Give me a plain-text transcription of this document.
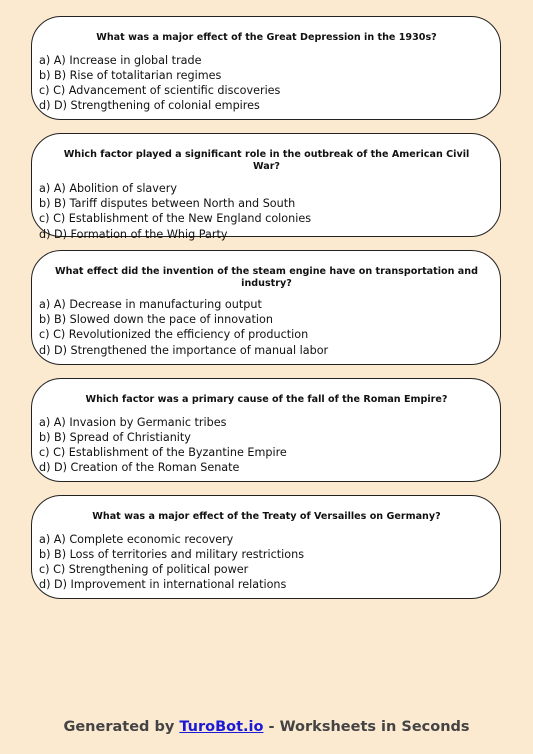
What was a major effect of the Great Depression in the 1930s?

a) A) Increase in global trade
b) B) Rise of totalitarian regimes
c) C) Advancement of scientific discoveries
d) D) Strengthening of colonial empires

Which factor played a significant role in the outbreak of the American Civil War?

a) A) Abolition of slavery
b) B) Tariff disputes between North and South
c) C) Establishment of the New England colonies
d) D) Formation of the Whig Party

What effect did the invention of the steam engine have on transportation and industry?

a) A) Decrease in manufacturing output
b) B) Slowed down the pace of innovation
c) C) Revolutionized the efficiency of production
d) D) Strengthened the importance of manual labor

Which factor was a primary cause of the fall of the Roman Empire?

a) A) Invasion by Germanic tribes
b) B) Spread of Christianity
c) C) Establishment of the Byzantine Empire
d) D) Creation of the Roman Senate

What was a major effect of the Treaty of Versailles on Germany?

a) A) Complete economic recovery
b) B) Loss of territories and military restrictions
c) C) Strengthening of political power
d) D) Improvement in international relations
Generated by TuroBot.io - Worksheets in Seconds
